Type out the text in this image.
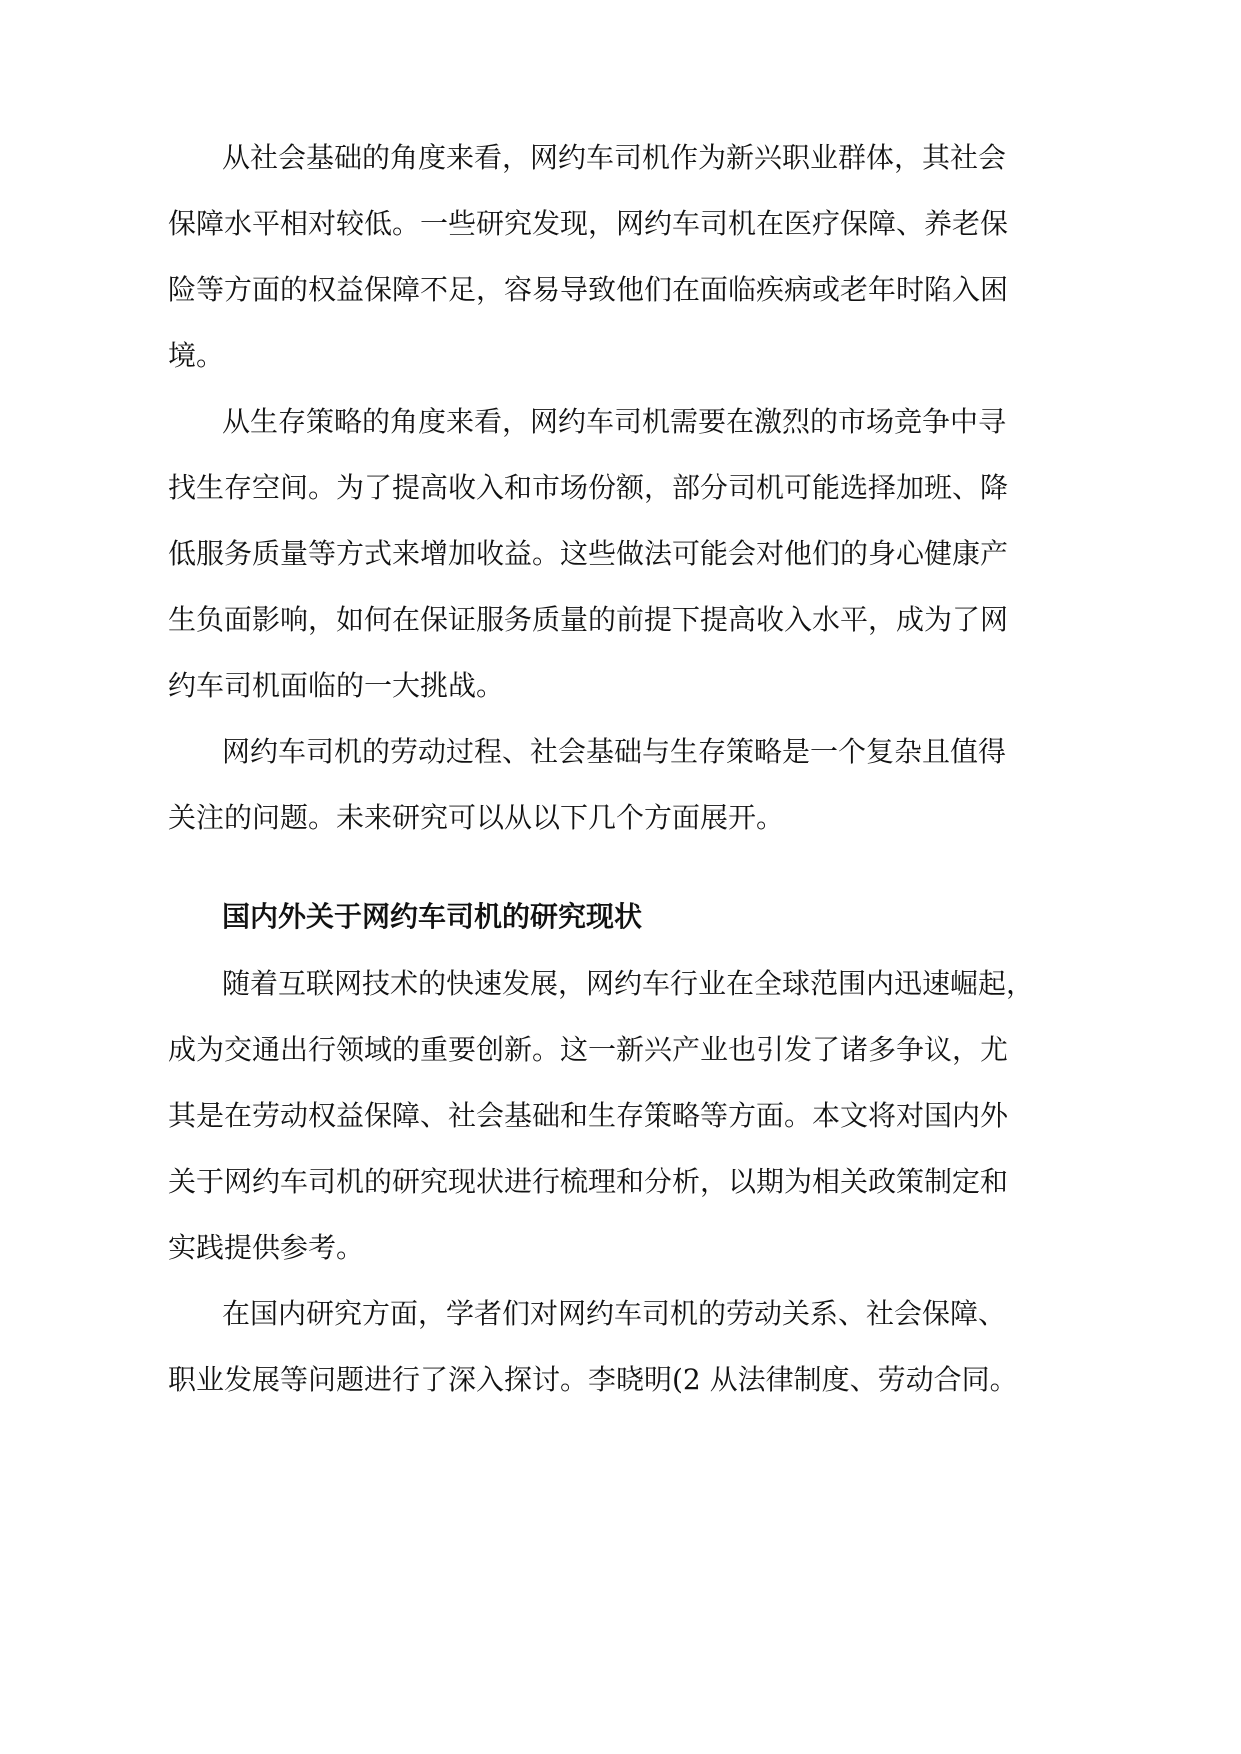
从社会基础的角度来看，网约车司机作为新兴职业群体，其社会
保障水平相对较低。一些研究发现，网约车司机在医疗保障、养老保
险等方面的权益保障不足，容易导致他们在面临疾病或老年时陷入困
境。
从生存策略的角度来看，网约车司机需要在激烈的市场竞争中寻
找生存空间。为了提高收入和市场份额，部分司机可能选择加班、降
低服务质量等方式来增加收益。这些做法可能会对他们的身心健康产
生负面影响，如何在保证服务质量的前提下提高收入水平，成为了网
约车司机面临的一大挑战。
网约车司机的劳动过程、社会基础与生存策略是一个复杂且值得
关注的问题。未来研究可以从以下几个方面展开。
国内外关于网约车司机的研究现状
随着互联网技术的快速发展，网约车行业在全球范围内迅速崛起，
成为交通出行领域的重要创新。这一新兴产业也引发了诸多争议，尤
其是在劳动权益保障、社会基础和生存策略等方面。本文将对国内外
关于网约车司机的研究现状进行梳理和分析，以期为相关政策制定和
实践提供参考。
在国内研究方面，学者们对网约车司机的劳动关系、社会保障、
职业发展等问题进行了深入探讨。李晓明(2 从法律制度、劳动合同。
